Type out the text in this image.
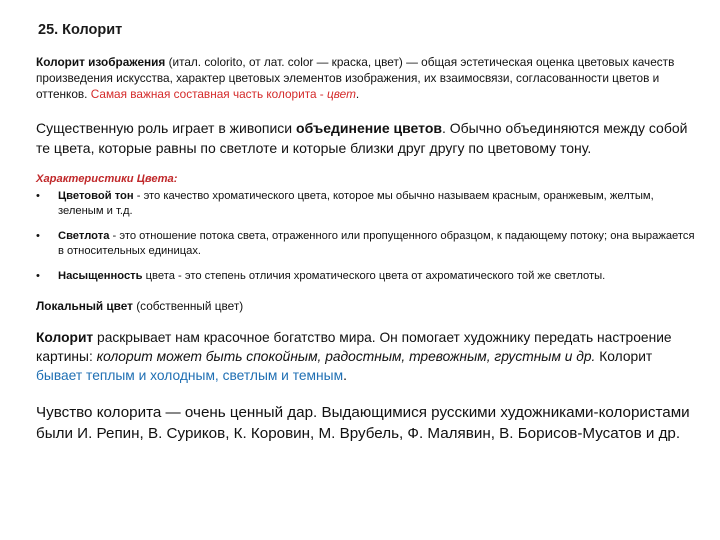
25. Колорит
Колорит изображения (итал. colorito, от лат. color — краска, цвет) — общая эстетическая оценка цветовых качеств произведения искусства, характер цветовых элементов изображения, их взаимосвязи, согласованности цветов и оттенков. Самая важная составная часть колорита - цвет.
Существенную роль играет в живописи объединение цветов. Обычно объединяются между собой те цвета, которые равны по светлоте и которые близки друг другу по цветовому тону.
Характеристики Цвета:
• Цветовой тон - это качество хроматического цвета, которое мы обычно называем красным, оранжевым, желтым, зеленым и т.д.
• Светлота - это отношение потока света, отраженного или пропущенного образцом, к падающему потоку; она выражается в относительных единицах.
• Насыщенность цвета - это степень отличия хроматического цвета от ахроматического той же светлоты.
Локальный цвет (собственный цвет)
Колорит раскрывает нам красочное богатство мира. Он помогает художнику передать настроение картины: колорит может быть спокойным, радостным, тревожным, грустным и др. Колорит бывает теплым и холодным, светлым и темным.
Чувство колорита — очень ценный дар. Выдающимися русскими художниками-колористами были И. Репин, В. Суриков, К. Коровин, М. Врубель, Ф. Малявин, В. Борисов-Мусатов и др.
